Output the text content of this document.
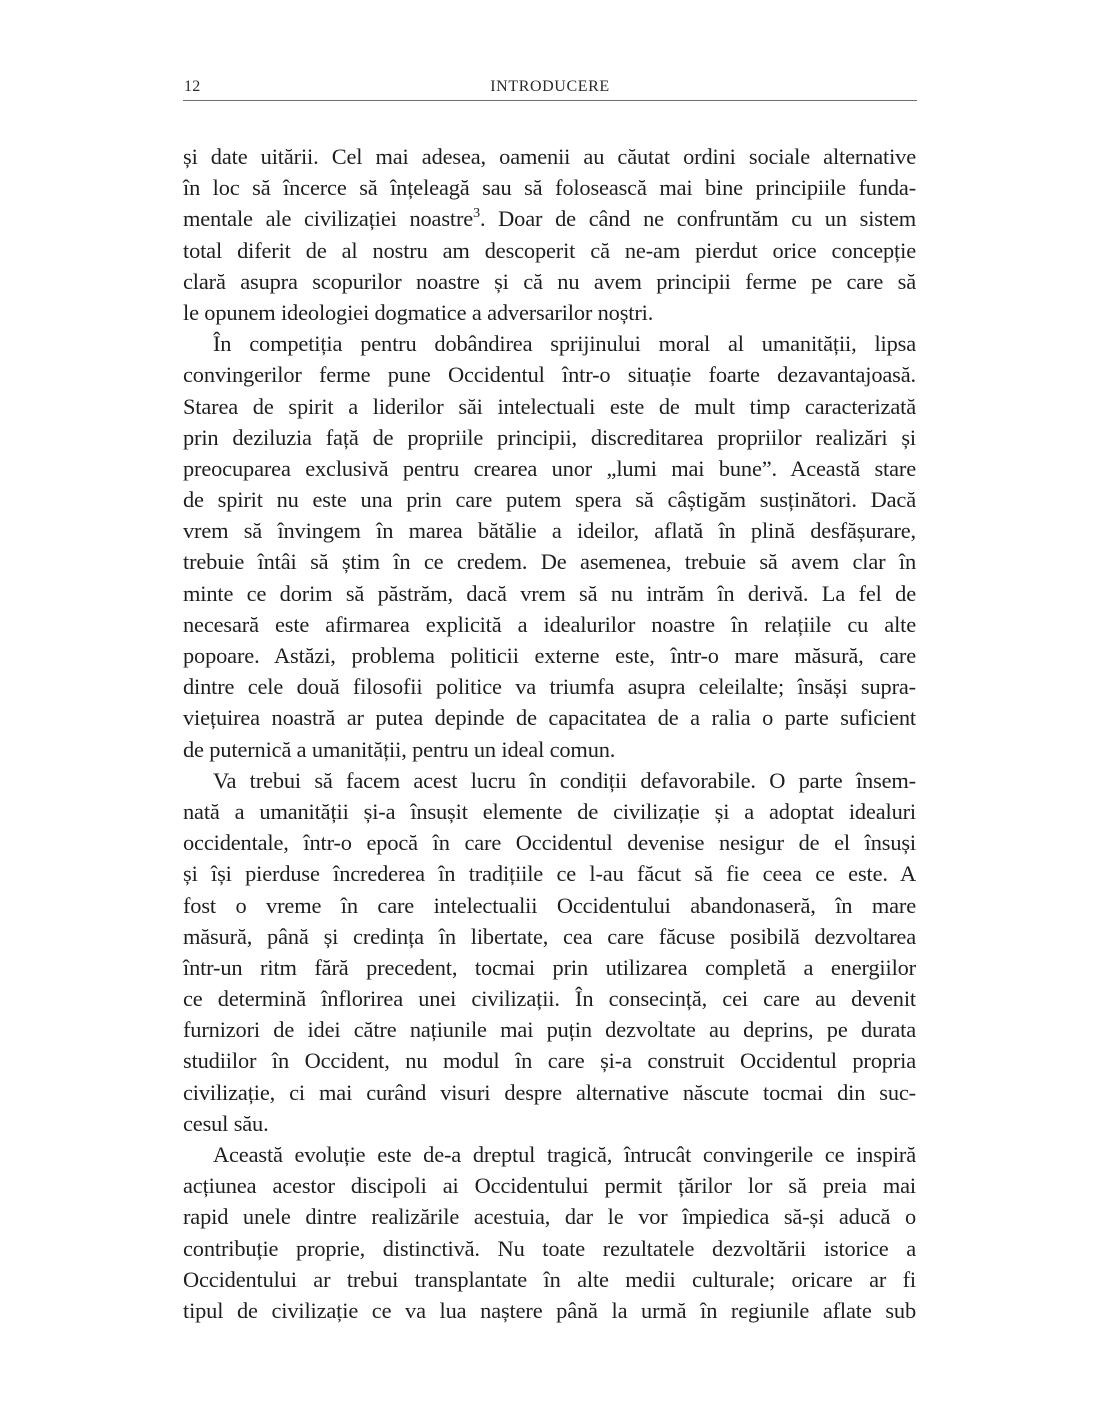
12	INTRODUCERE
și date uitării. Cel mai adesea, oamenii au căutat ordini sociale alternative
în loc să încerce să înțeleagă sau să folosească mai bine principiile funda-
mentale ale civilizației noastre$^3$. Doar de când ne confruntăm cu un sistem
total diferit de al nostru am descoperit că ne-am pierdut orice concepție
clară asupra scopurilor noastre și că nu avem principii ferme pe care să
le opunem ideologiei dogmatice a adversarilor noștri.
În competiția pentru dobândirea sprijinului moral al umanității, lipsa
convingerilor ferme pune Occidentul într-o situație foarte dezavantajoasă.
Starea de spirit a liderilor săi intelectuali este de mult timp caracterizată
prin deziluzia față de propriile principii, discreditarea propriilor realizări și
preocuparea exclusivă pentru crearea unor „lumi mai bune”. Această stare
de spirit nu este una prin care putem spera să câștigăm susținători. Dacă
vrem să învingem în marea bătălie a ideilor, aflată în plină desfășurare,
trebuie întâi să știm în ce credem. De asemenea, trebuie să avem clar în
minte ce dorim să păstrăm, dacă vrem să nu intrăm în derivă. La fel de
necesară este afirmarea explicită a idealurilor noastre în relațiile cu alte
popoare. Astăzi, problema politicii externe este, într-o mare măsură, care
dintre cele două filosofii politice va triumfa asupra celeilalte; însăși supra-
viețuirea noastră ar putea depinde de capacitatea de a ralia o parte suficient
de puternică a umanității, pentru un ideal comun.
Va trebui să facem acest lucru în condiții defavorabile. O parte însem-
nată a umanității și-a însușit elemente de civilizație și a adoptat idealuri
occidentale, într-o epocă în care Occidentul devenise nesigur de el însuși
și își pierduse încrederea în tradițiile ce l-au făcut să fie ceea ce este. A
fost o vreme în care intelectualii Occidentului abandonaseră, în mare
măsură, până și credința în libertate, cea care făcuse posibilă dezvoltarea
într-un ritm fără precedent, tocmai prin utilizarea completă a energiilor
ce determină înflorirea unei civilizații. În consecință, cei care au devenit
furnizori de idei către națiunile mai puțin dezvoltate au deprins, pe durata
studiilor în Occident, nu modul în care și-a construit Occidentul propria
civilizație, ci mai curând visuri despre alternative născute tocmai din suc-
cesul său.
Această evoluție este de-a dreptul tragică, întrucât convingerile ce inspiră
acțiunea acestor discipoli ai Occidentului permit țărilor lor să preia mai
rapid unele dintre realizările acestuia, dar le vor împiedica să-și aducă o
contribuție proprie, distinctivă. Nu toate rezultatele dezvoltării istorice a
Occidentului ar trebui transplantate în alte medii culturale; oricare ar fi
tipul de civilizație ce va lua naștere până la urmă în regiunile aflate sub
